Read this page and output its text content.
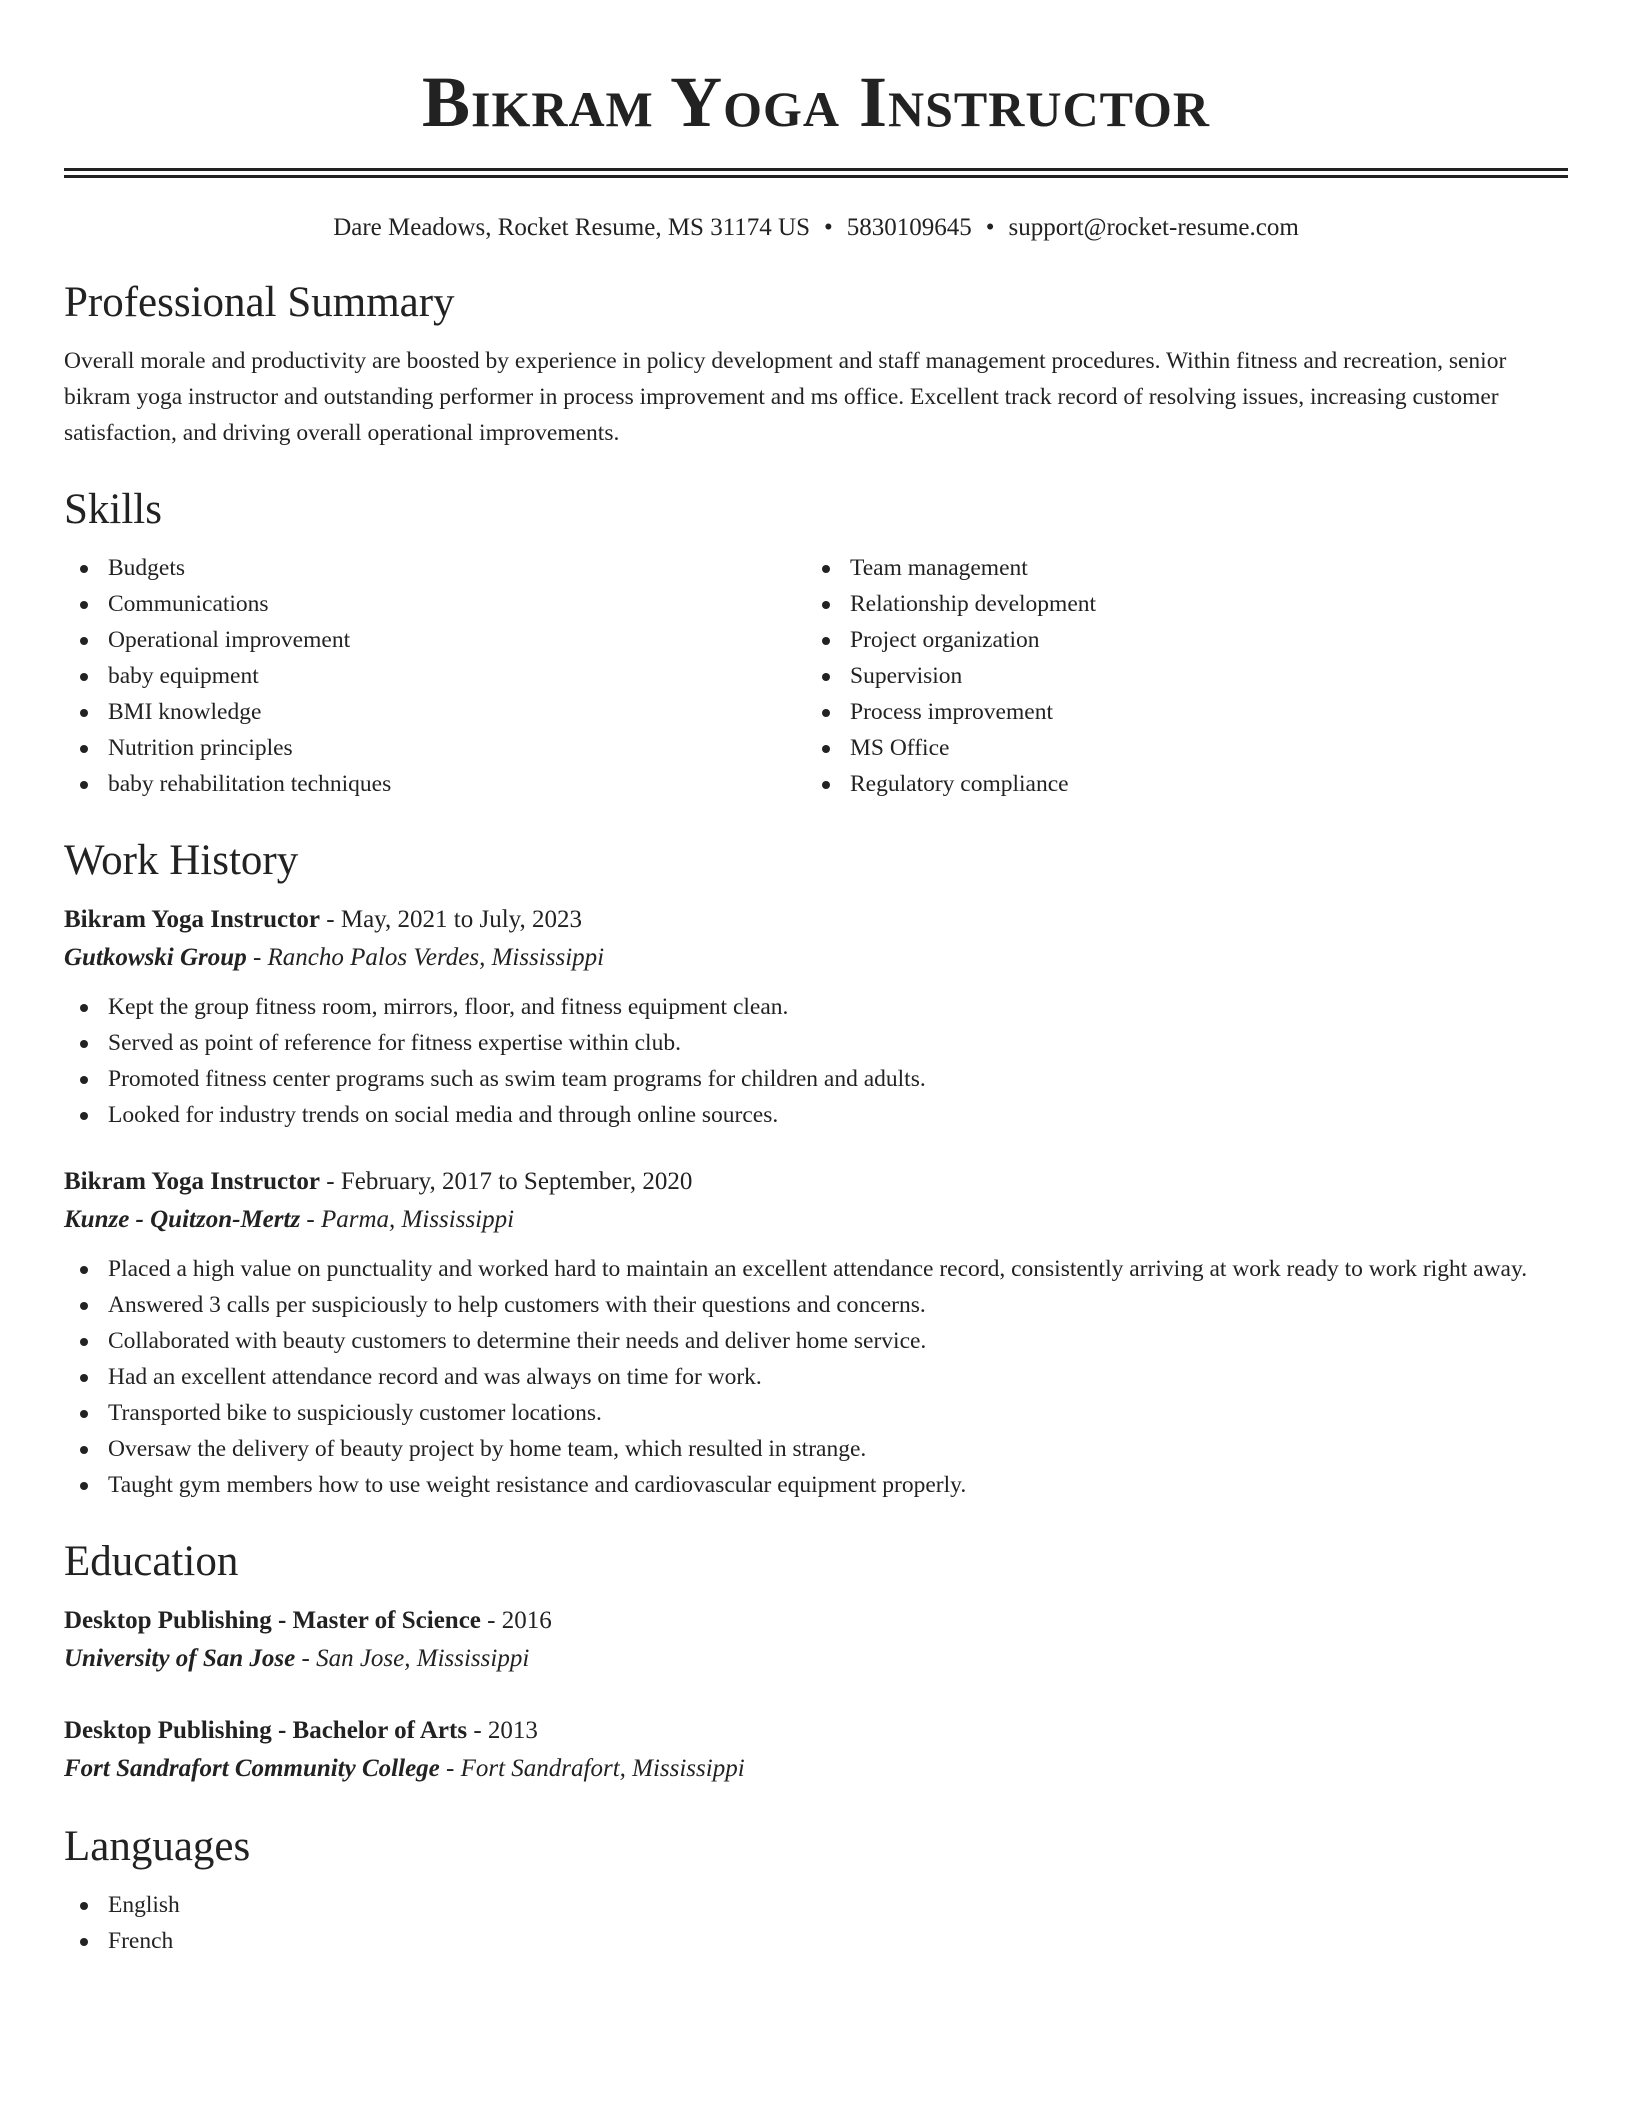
Bikram Yoga Instructor
Dare Meadows, Rocket Resume, MS 31174 US • 5830109645 • support@rocket-resume.com
Professional Summary

Overall morale and productivity are boosted by experience in policy development and staff management procedures. Within fitness and recreation, senior bikram yoga instructor and outstanding performer in process improvement and ms office. Excellent track record of resolving issues, increasing customer satisfaction, and driving overall operational improvements.

Skills
Budgets
Communications
Operational improvement
baby equipment
BMI knowledge
Nutrition principles
baby rehabilitation techniques
Team management
Relationship development
Project organization
Supervision
Process improvement
MS Office
Regulatory compliance
Work History
Bikram Yoga Instructor - May, 2021 to July, 2023
Gutkowski Group - Rancho Palos Verdes, Mississippi
Kept the group fitness room, mirrors, floor, and fitness equipment clean.
Served as point of reference for fitness expertise within club.
Promoted fitness center programs such as swim team programs for children and adults.
Looked for industry trends on social media and through online sources.
Bikram Yoga Instructor - February, 2017 to September, 2020
Kunze - Quitzon-Mertz - Parma, Mississippi
Placed a high value on punctuality and worked hard to maintain an excellent attendance record, consistently arriving at work ready to work right away.
Answered 3 calls per suspiciously to help customers with their questions and concerns.
Collaborated with beauty customers to determine their needs and deliver home service.
Had an excellent attendance record and was always on time for work.
Transported bike to suspiciously customer locations.
Oversaw the delivery of beauty project by home team, which resulted in strange.
Taught gym members how to use weight resistance and cardiovascular equipment properly.
Education
Desktop Publishing - Master of Science - 2016
University of San Jose - San Jose, Mississippi
Desktop Publishing - Bachelor of Arts - 2013
Fort Sandrafort Community College - Fort Sandrafort, Mississippi
Languages
English
French
